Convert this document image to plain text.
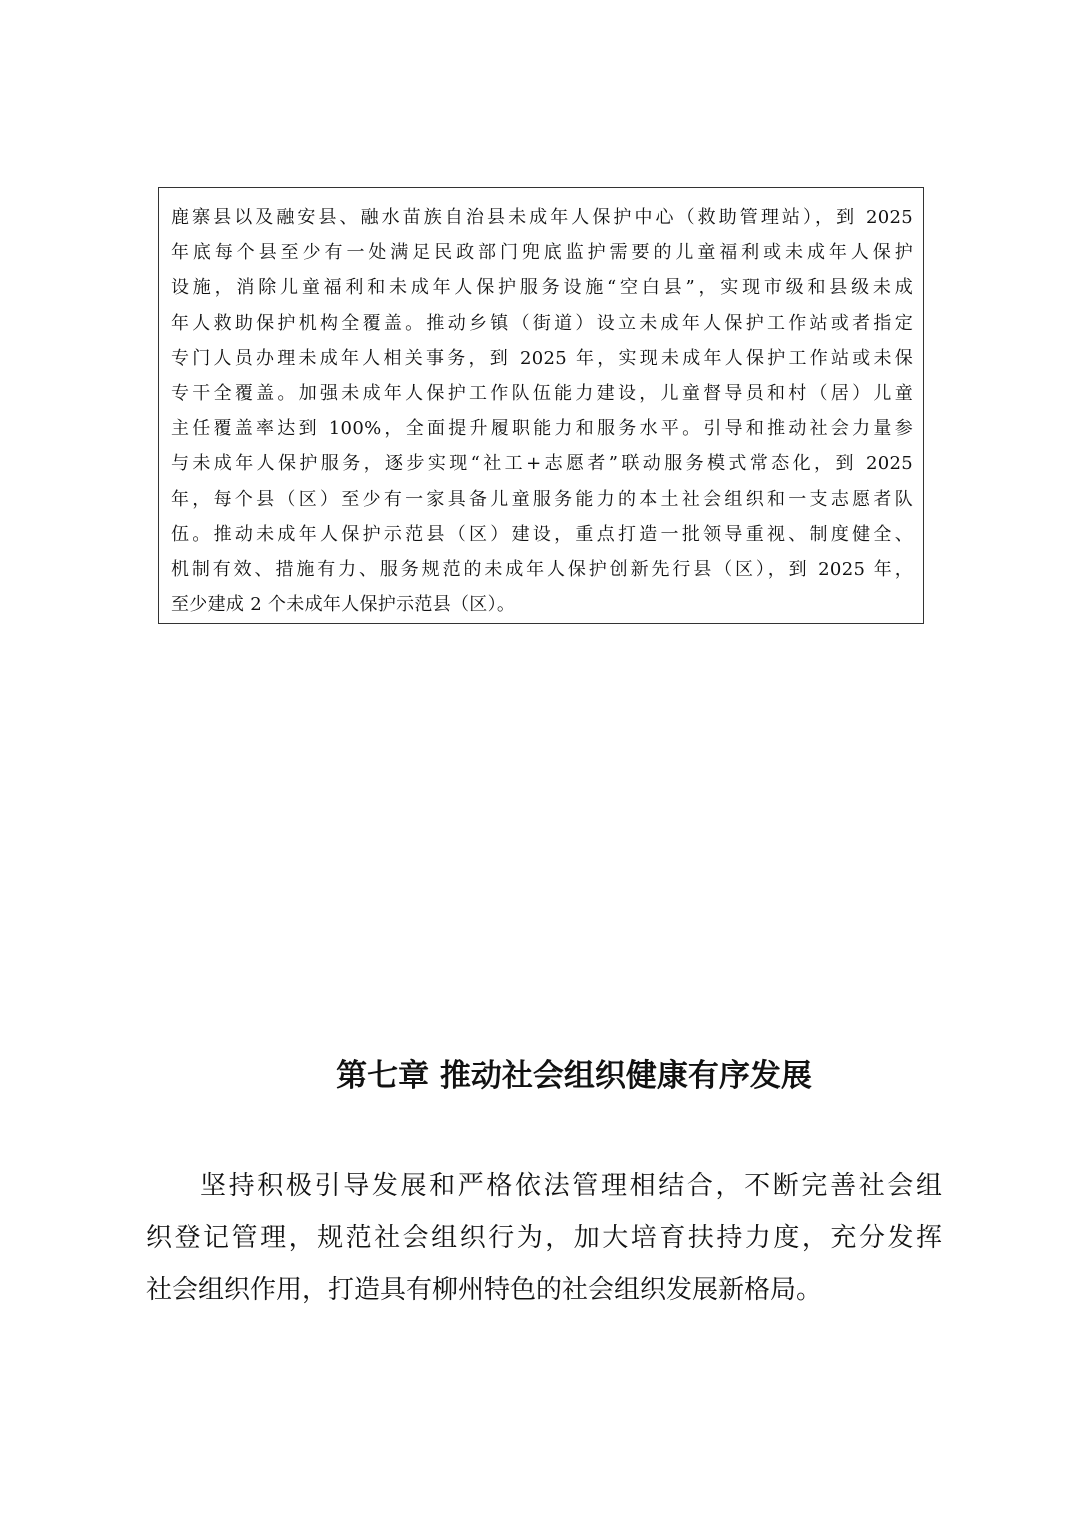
鹿寨县以及融安县、融水苗族自治县未成年人保护中心（救助管理站），到 2025
年底每个县至少有一处满足民政部门兜底监护需要的儿童福利或未成年人保护
设施，消除儿童福利和未成年人保护服务设施“空白县”，实现市级和县级未成
年人救助保护机构全覆盖。推动乡镇（街道）设立未成年人保护工作站或者指定
专门人员办理未成年人相关事务，到 2025 年，实现未成年人保护工作站或未保
专干全覆盖。加强未成年人保护工作队伍能力建设，儿童督导员和村（居）儿童
主任覆盖率达到 100%，全面提升履职能力和服务水平。引导和推动社会力量参
与未成年人保护服务，逐步实现“社工+志愿者”联动服务模式常态化，到 2025
年，每个县（区）至少有一家具备儿童服务能力的本土社会组织和一支志愿者队
伍。推动未成年人保护示范县（区）建设，重点打造一批领导重视、制度健全、
机制有效、措施有力、服务规范的未成年人保护创新先行县（区），到 2025 年，
至少建成 2 个未成年人保护示范县（区）。
第七章 推动社会组织健康有序发展
坚持积极引导发展和严格依法管理相结合，不断完善社会组
织登记管理，规范社会组织行为，加大培育扶持力度，充分发挥
社会组织作用，打造具有柳州特色的社会组织发展新格局。
